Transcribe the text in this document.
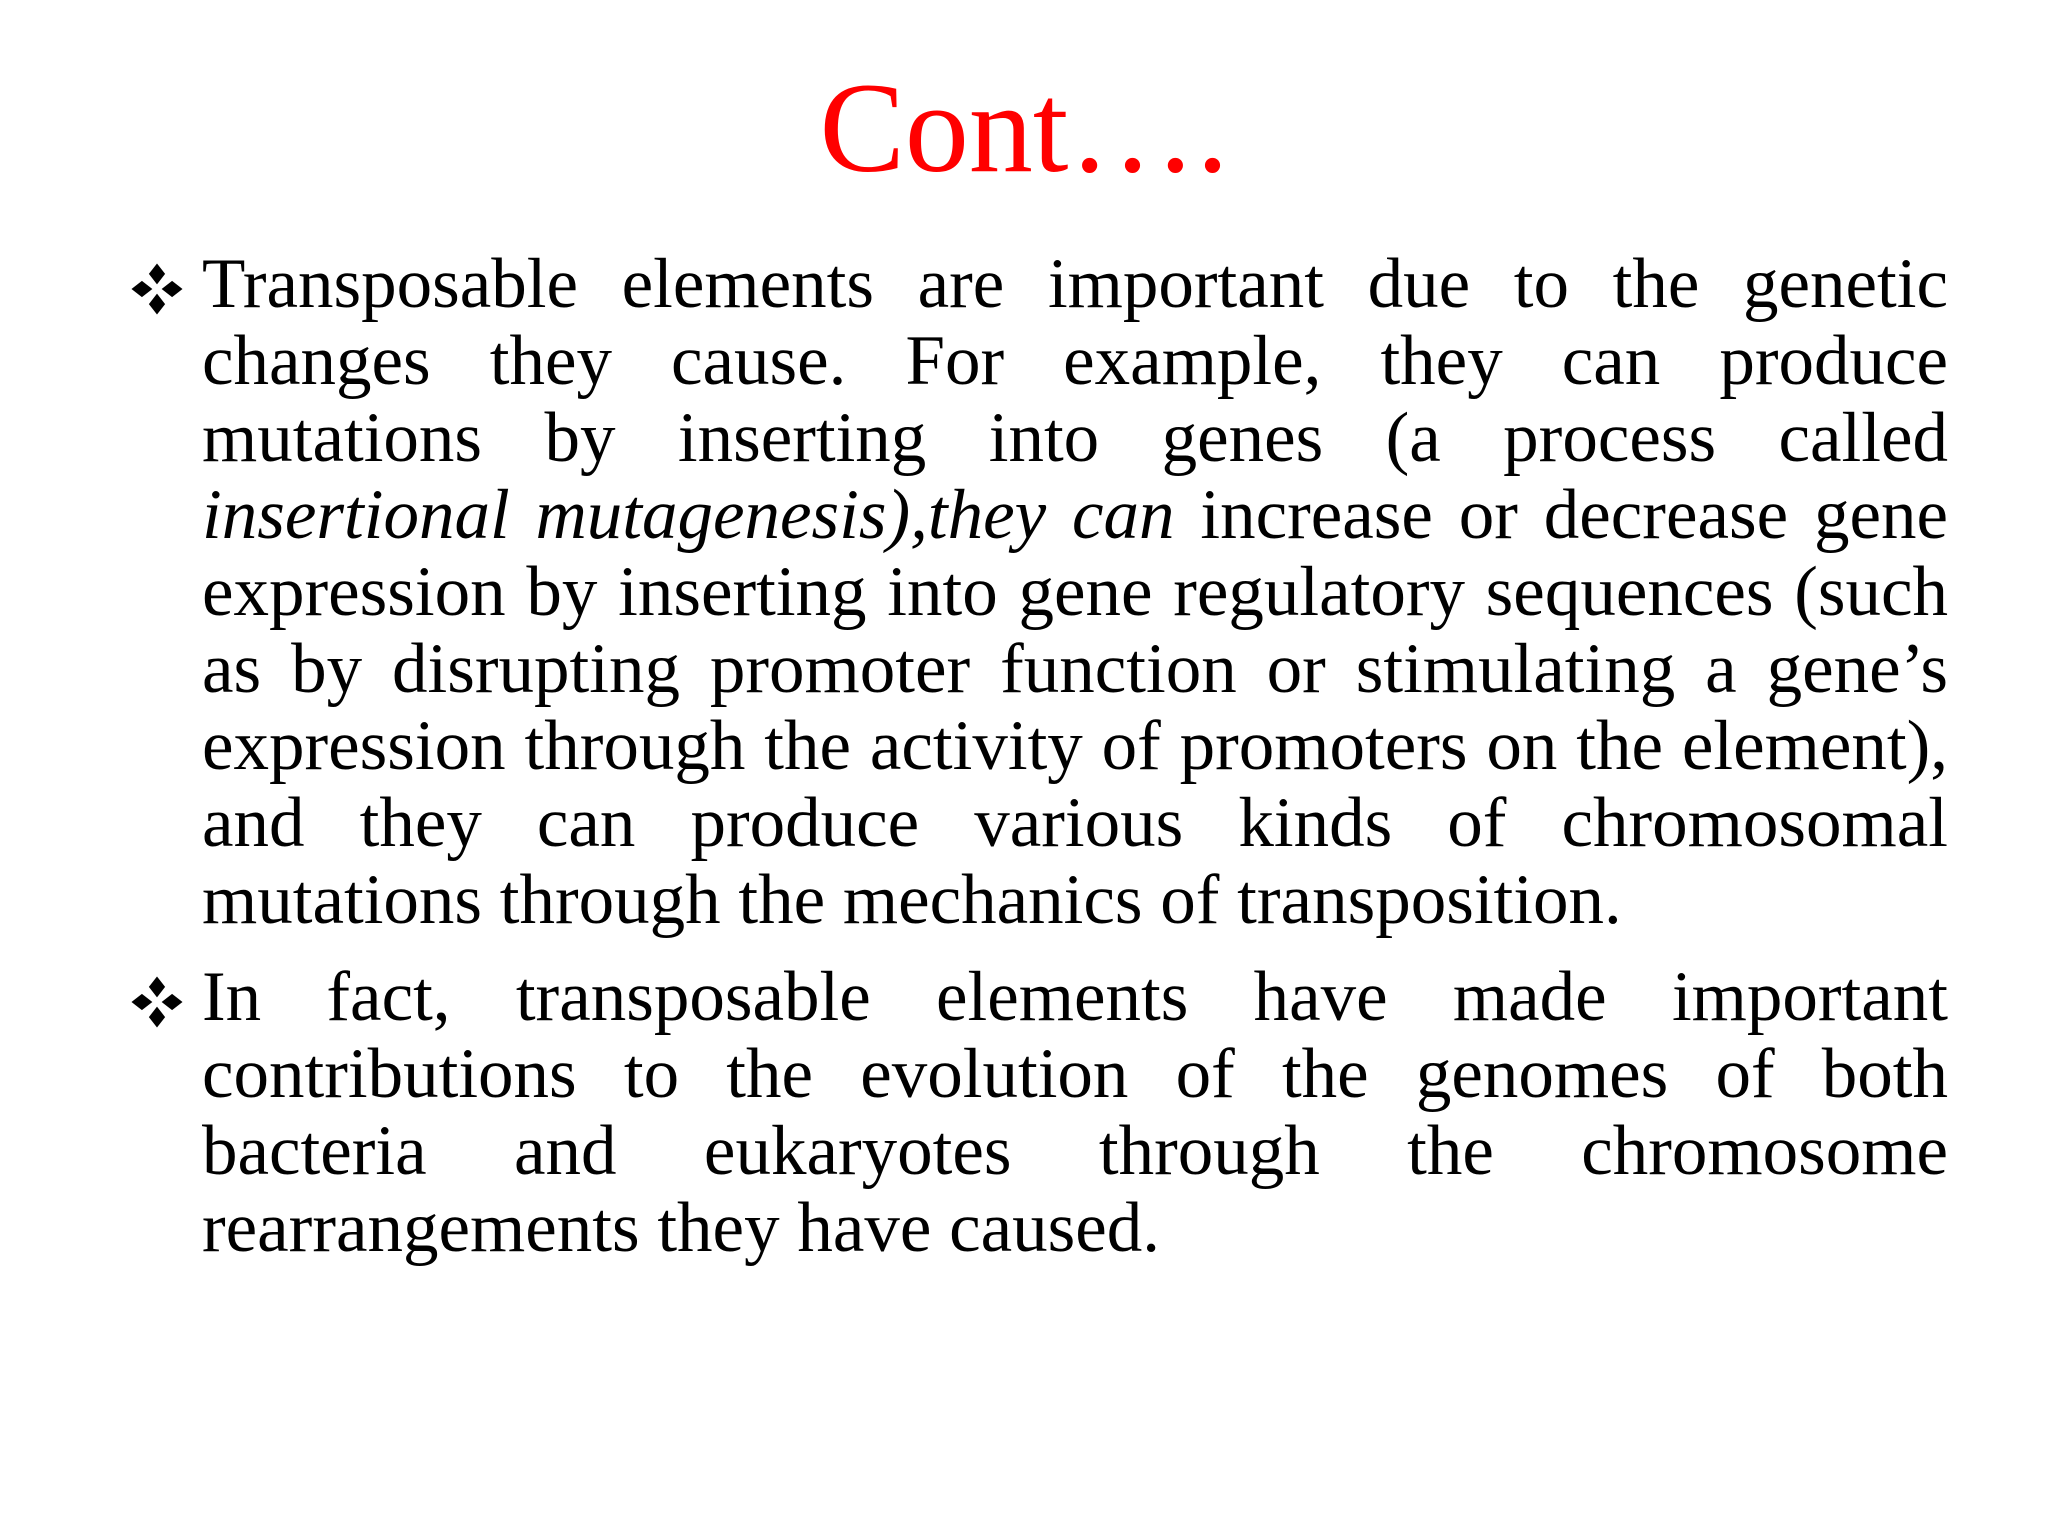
Cont….
Transposable elements are important due to the genetic changes they cause. For example, they can produce mutations by inserting into genes (a process called insertional mutagenesis),they can increase or decrease gene expression by inserting into gene regulatory sequences (such as by disrupting promoter function or stimulating a gene’s expression through the activity of promoters on the element), and they can produce various kinds of chromosomal mutations through the mechanics of transposition.
In fact, transposable elements have made important contributions to the evolution of the genomes of both bacteria and eukaryotes through the chromosome rearrangements they have caused.
